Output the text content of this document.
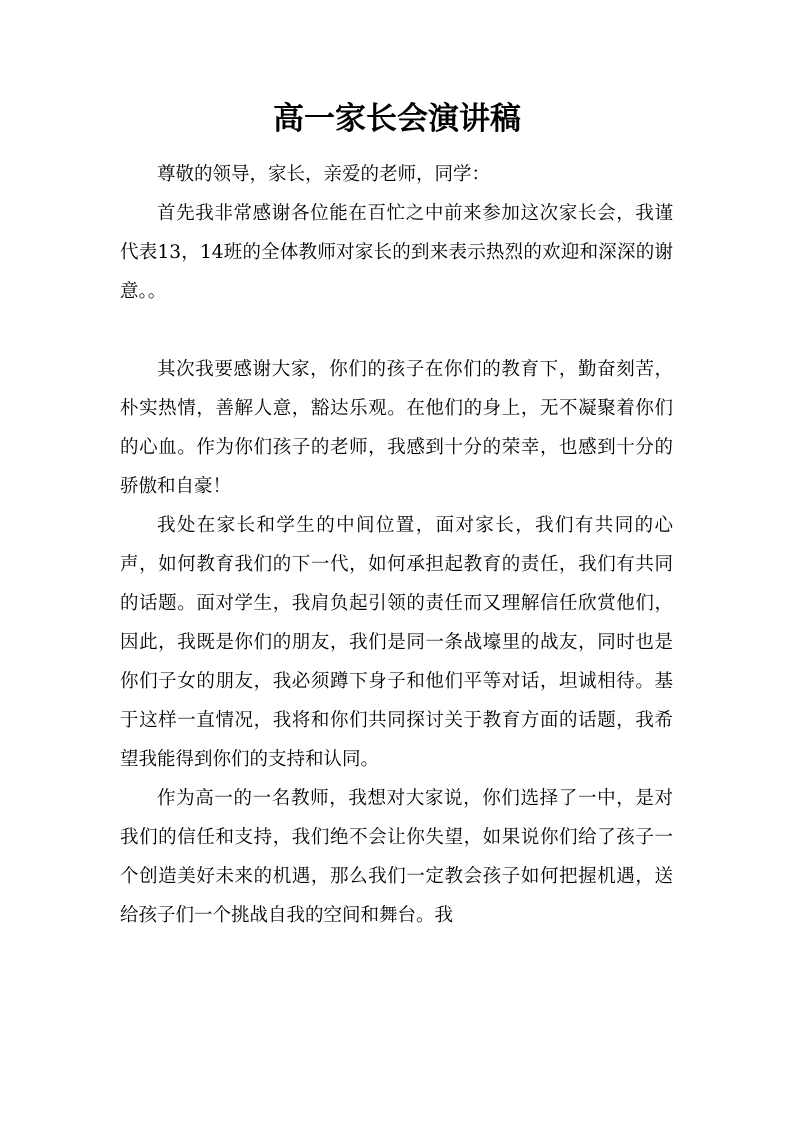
高一家长会演讲稿

尊敬的领导，家长，亲爱的老师，同学：

首先我非常感谢各位能在百忙之中前来参加这次家长会，我谨代表13，14班的全体教师对家长的到来表示热烈的欢迎和深深的谢意。。

其次我要感谢大家，你们的孩子在你们的教育下，勤奋刻苦，朴实热情，善解人意，豁达乐观。在他们的身上，无不凝聚着你们的心血。作为你们孩子的老师，我感到十分的荣幸，也感到十分的骄傲和自豪！

我处在家长和学生的中间位置，面对家长，我们有共同的心声，如何教育我们的下一代，如何承担起教育的责任，我们有共同的话题。面对学生，我肩负起引领的责任而又理解信任欣赏他们，因此，我既是你们的朋友，我们是同一条战壕里的战友，同时也是你们子女的朋友，我必须蹲下身子和他们平等对话，坦诚相待。基于这样一直情况，我将和你们共同探讨关于教育方面的话题，我希望我能得到你们的支持和认同。

作为高一的一名教师，我想对大家说，你们选择了一中，是对我们的信任和支持，我们绝不会让你失望，如果说你们给了孩子一个创造美好未来的机遇，那么我们一定教会孩子如何把握机遇，送给孩子们一个挑战自我的空间和舞台。我
